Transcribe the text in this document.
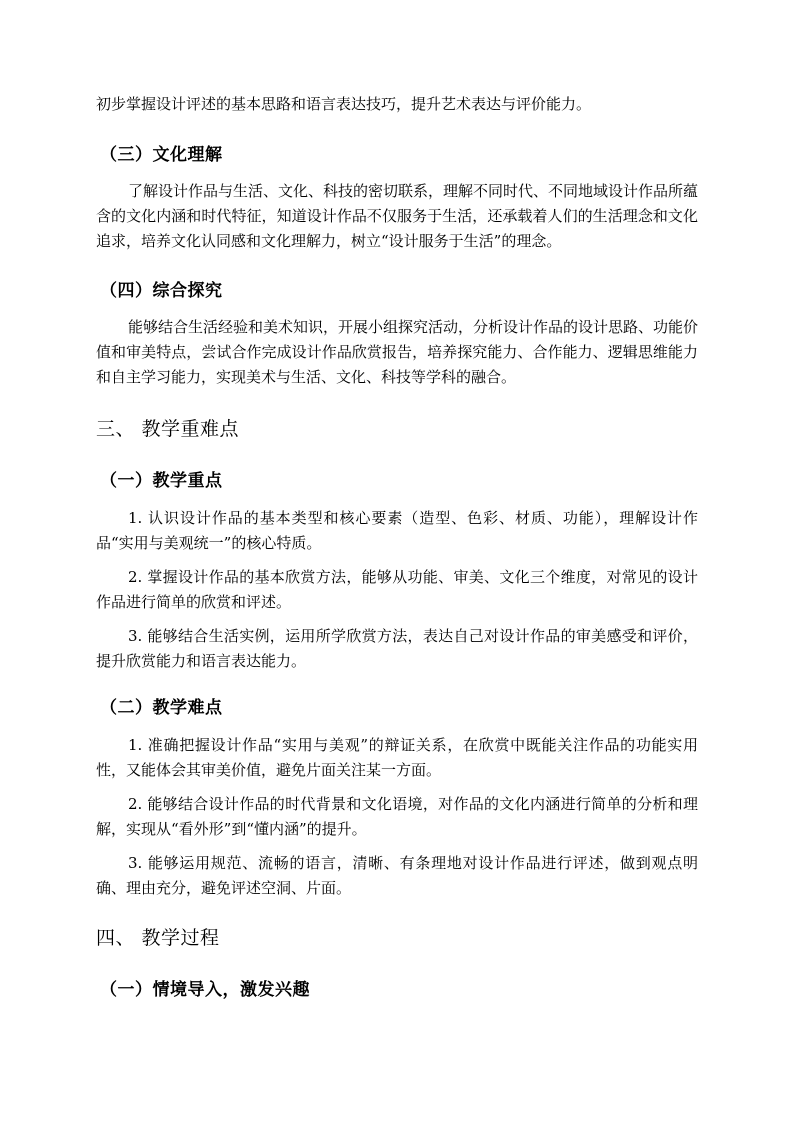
初步掌握设计评述的基本思路和语言表达技巧，提升艺术表达与评价能力。

（三）文化理解

了解设计作品与生活、文化、科技的密切联系，理解不同时代、不同地域设计作品所蕴含的文化内涵和时代特征，知道设计作品不仅服务于生活，还承载着人们的生活理念和文化追求，培养文化认同感和文化理解力，树立“设计服务于生活”的理念。

（四）综合探究

能够结合生活经验和美术知识，开展小组探究活动，分析设计作品的设计思路、功能价值和审美特点，尝试合作完成设计作品欣赏报告，培养探究能力、合作能力、逻辑思维能力和自主学习能力，实现美术与生活、文化、科技等学科的融合。

三、 教学重难点
（一）教学重点

1. 认识设计作品的基本类型和核心要素（造型、色彩、材质、功能），理解设计作品“实用与美观统一”的核心特质。

2. 掌握设计作品的基本欣赏方法，能够从功能、审美、文化三个维度，对常见的设计作品进行简单的欣赏和评述。

3. 能够结合生活实例，运用所学欣赏方法，表达自己对设计作品的审美感受和评价，提升欣赏能力和语言表达能力。

（二）教学难点

1. 准确把握设计作品“实用与美观”的辩证关系，在欣赏中既能关注作品的功能实用性，又能体会其审美价值，避免片面关注某一方面。

2. 能够结合设计作品的时代背景和文化语境，对作品的文化内涵进行简单的分析和理解，实现从“看外形”到“懂内涵”的提升。

3. 能够运用规范、流畅的语言，清晰、有条理地对设计作品进行评述，做到观点明确、理由充分，避免评述空洞、片面。

四、 教学过程
（一）情境导入，激发兴趣
